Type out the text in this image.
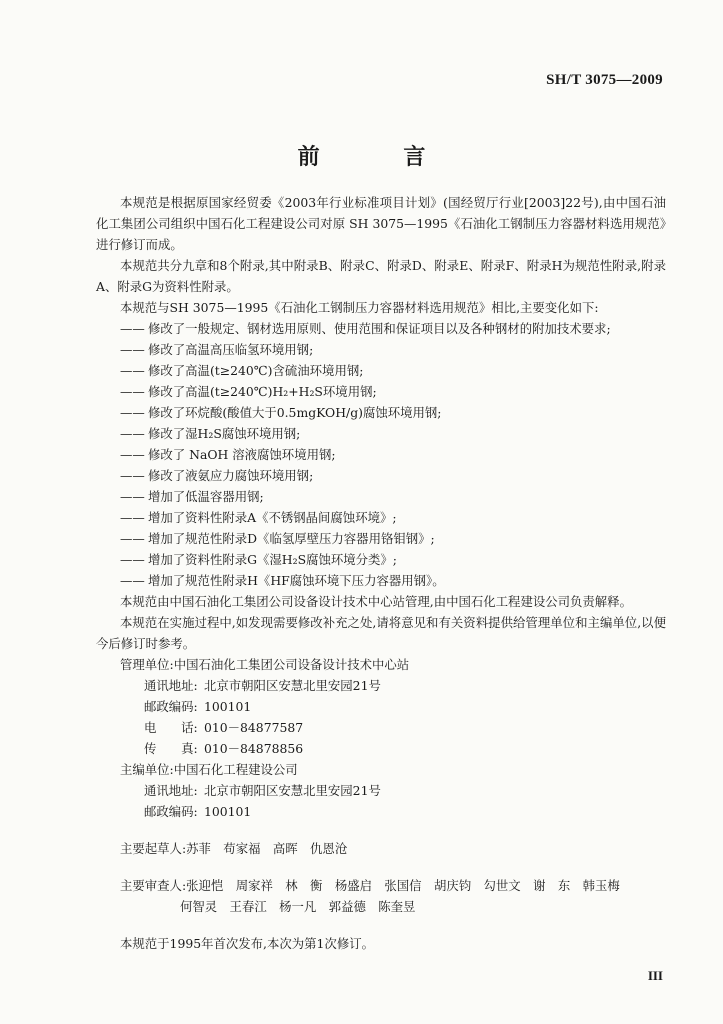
SH/T 3075—2009
前 言

本规范是根据原国家经贸委《2003年行业标准项目计划》(国经贸厅行业[2003]22号),由中国石油化工集团公司组织中国石化工程建设公司对原 SH 3075—1995《石油化工钢制压力容器材料选用规范》进行修订而成。

本规范共分九章和8个附录,其中附录B、附录C、附录D、附录E、附录F、附录H为规范性附录,附录A、附录G为资料性附录。

本规范与SH 3075—1995《石油化工钢制压力容器材料选用规范》相比,主要变化如下:

—— 修改了一般规定、钢材选用原则、使用范围和保证项目以及各种钢材的附加技术要求;
—— 修改了高温高压临氢环境用钢;
—— 修改了高温(t≥240℃)含硫油环境用钢;
—— 修改了高温(t≥240℃)H₂+H₂S环境用钢;
—— 修改了环烷酸(酸值大于0.5mgKOH/g)腐蚀环境用钢;
—— 修改了湿H₂S腐蚀环境用钢;
—— 修改了 NaOH 溶液腐蚀环境用钢;
—— 修改了液氨应力腐蚀环境用钢;
—— 增加了低温容器用钢;
—— 增加了资料性附录A《不锈钢晶间腐蚀环境》;
—— 增加了规范性附录D《临氢厚壁压力容器用铬钼钢》;
—— 增加了资料性附录G《湿H₂S腐蚀环境分类》;
—— 增加了规范性附录H《HF腐蚀环境下压力容器用钢》。

本规范由中国石油化工集团公司设备设计技术中心站管理,由中国石化工程建设公司负责解释。

本规范在实施过程中,如发现需要修改补充之处,请将意见和有关资料提供给管理单位和主编单位,以便今后修订时参考。

管理单位:中国石油化工集团公司设备设计技术中心站

通讯地址: 北京市朝阳区安慧北里安园21号

邮政编码: 100101

电　　话: 010－84877587

传　　真: 010－84878856

主编单位:中国石化工程建设公司

通讯地址: 北京市朝阳区安慧北里安园21号

邮政编码: 100101

主要起草人:苏菲　苟家福　高晖　仇恩沧

主要审查人:张迎恺　周家祥　林　衡　杨盛启　张国信　胡庆钧　勾世文　谢　东　韩玉梅

何智灵　王春江　杨一凡　郭益德　陈奎昱

本规范于1995年首次发布,本次为第1次修订。

III
